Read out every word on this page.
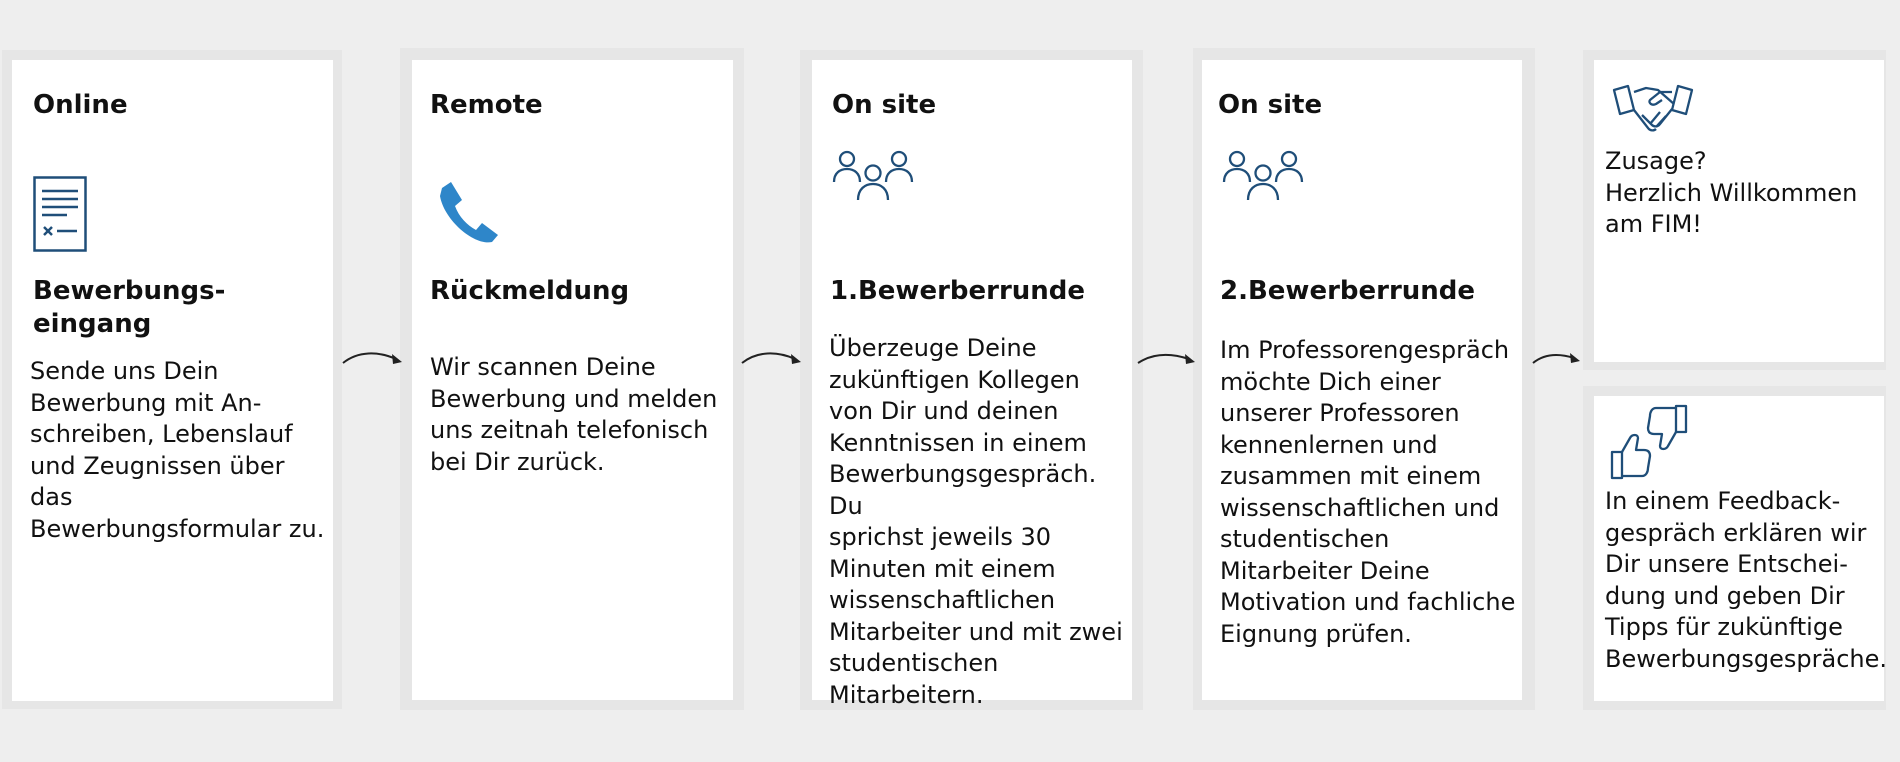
Online
Bewerbungs-
eingang
Sende uns Dein
Bewerbung mit An-
schreiben, Lebenslauf
und Zeugnissen über das
Bewerbungsformular zu.
Remote
Rückmeldung
Wir scannen Deine
Bewerbung und melden
uns zeitnah telefonisch
bei Dir zurück.
On site
1.Bewerberrunde
Überzeuge Deine
zukünftigen Kollegen
von Dir und deinen
Kenntnissen in einem
Bewerbungsgespräch. Du
sprichst jeweils 30
Minuten mit einem
wissenschaftlichen
Mitarbeiter und mit zwei
studentischen
Mitarbeitern.
On site
2.Bewerberrunde
Im Professorengespräch
möchte Dich einer
unserer Professoren
kennenlernen und
zusammen mit einem
wissenschaftlichen und
studentischen
Mitarbeiter Deine
Motivation und fachliche
Eignung prüfen.
Zusage?
Herzlich Willkommen
am FIM!
In einem Feedback-
gespräch erklären wir
Dir unsere Entschei-
dung und geben Dir
Tipps für zukünftige
Bewerbungsgespräche.
